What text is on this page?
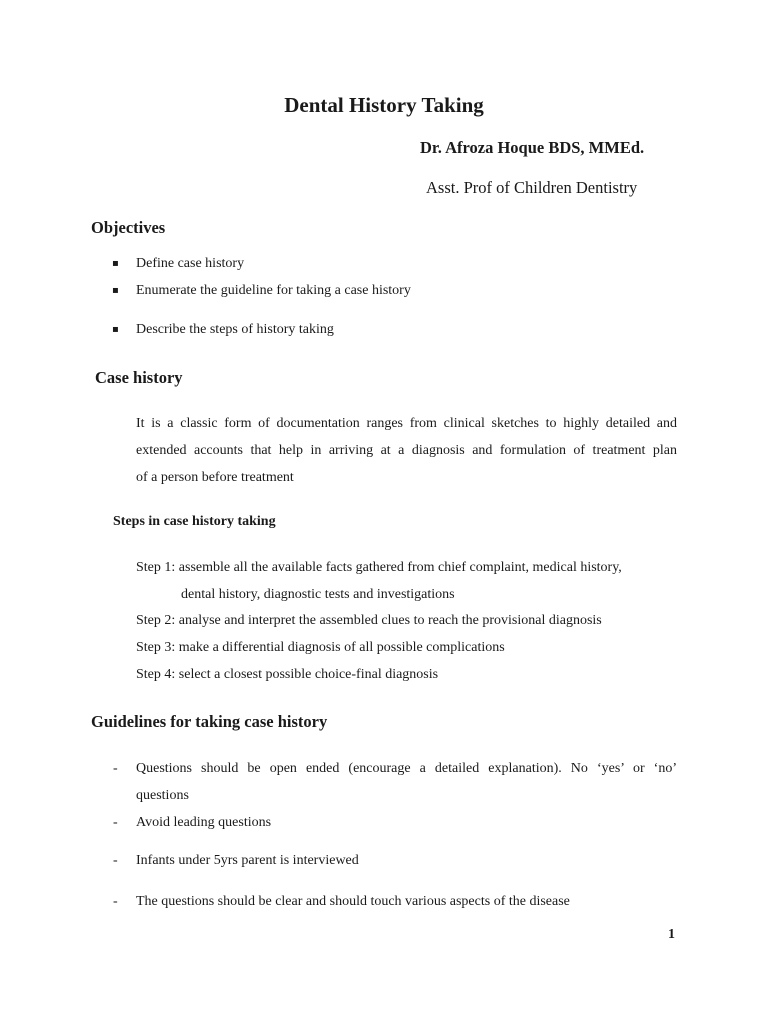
Dental History Taking
Dr. Afroza Hoque BDS, MMEd.
Asst. Prof of Children Dentistry
Objectives
▪ Define case history
▪ Enumerate the guideline for taking a case history
▪ Describe the steps of history taking
Case history
It is a classic form of documentation ranges from clinical sketches to highly detailed and
extended accounts that help in arriving at a diagnosis and formulation of treatment plan
of a person before treatment
Steps in case history taking
Step 1: assemble all the available facts gathered from chief complaint, medical history,
dental history, diagnostic tests and investigations
Step 2: analyse and interpret the assembled clues to reach the provisional diagnosis
Step 3: make a differential diagnosis of all possible complications
Step 4: select a closest possible choice-final diagnosis
Guidelines for taking case history
- Questions should be open ended (encourage a detailed explanation). No ‘yes’ or ‘no’
questions
- Avoid leading questions
- Infants under 5yrs parent is interviewed
- The questions should be clear and should touch various aspects of the disease
1
